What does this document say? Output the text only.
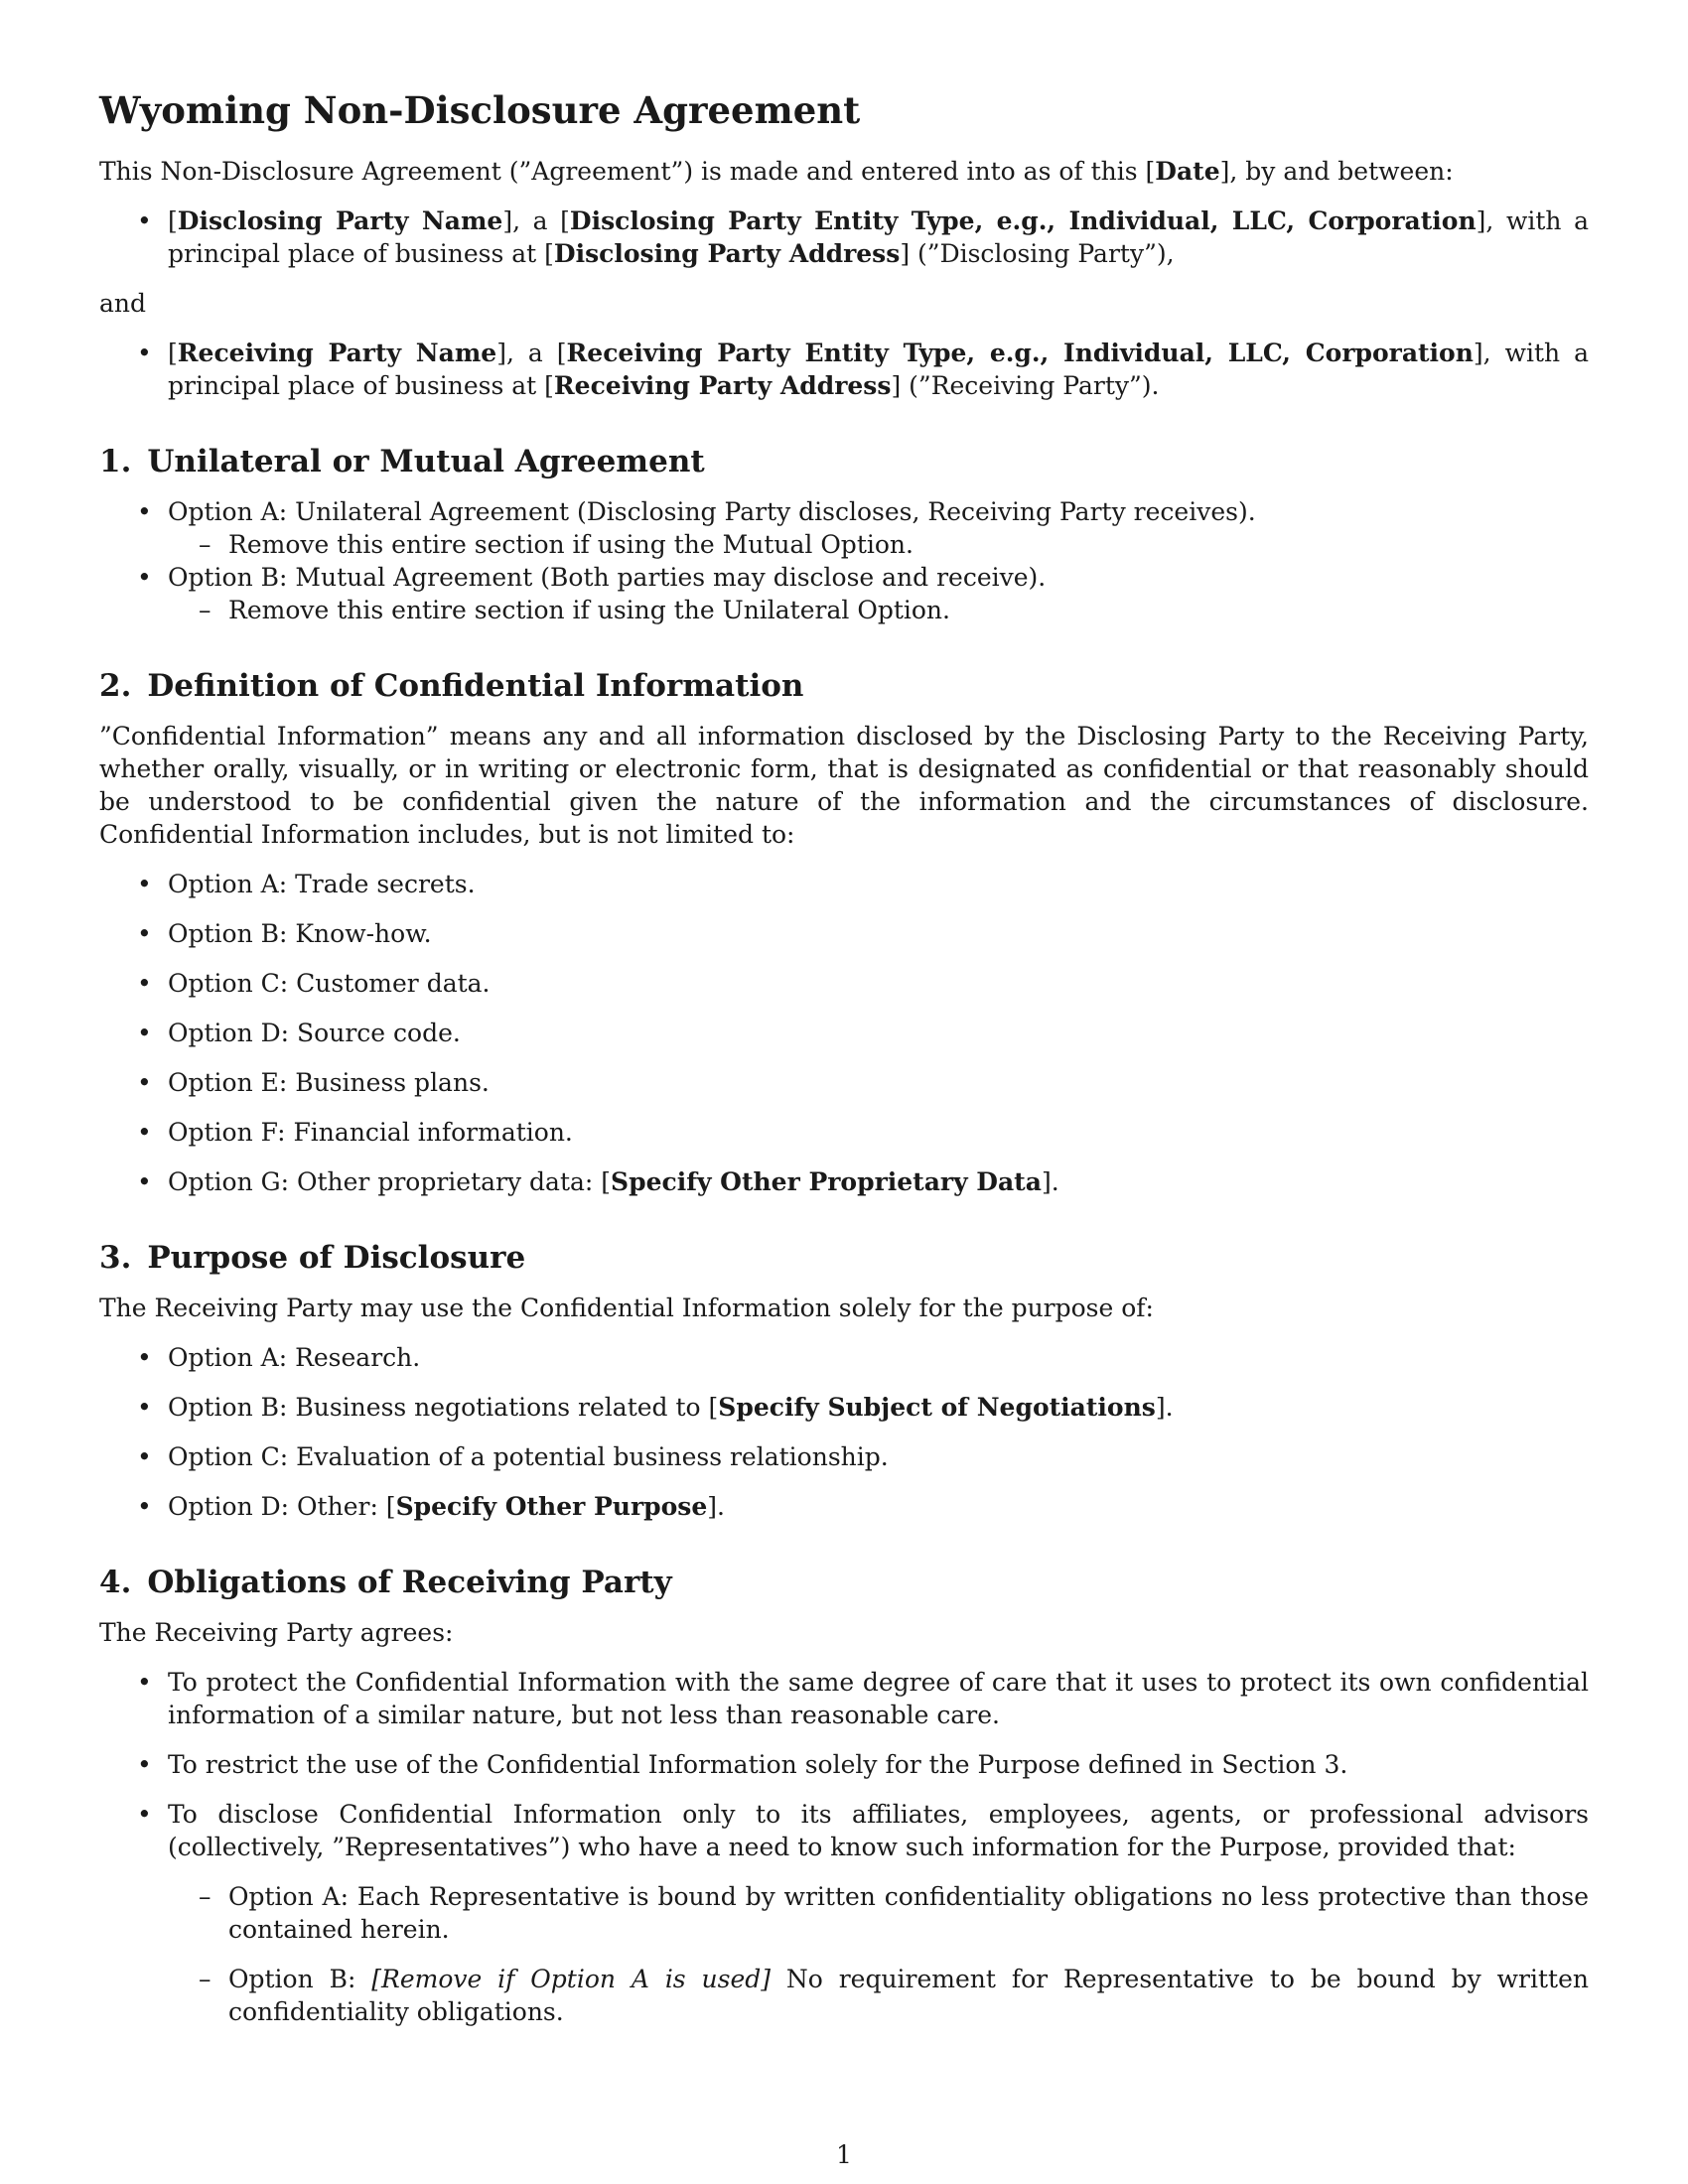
Wyoming Non-Disclosure Agreement

This Non-Disclosure Agreement (”Agreement”) is made and entered into as of this [Date], by and between:

• [Disclosing Party Name], a [Disclosing Party Entity Type, e.g., Individual, LLC, Corporation], with a principal place of business at [Disclosing Party Address] (”Disclosing Party”),

and

• [Receiving Party Name], a [Receiving Party Entity Type, e.g., Individual, LLC, Corporation], with a principal place of business at [Receiving Party Address] (”Receiving Party”).
1. Unilateral or Mutual Agreement
• Option A: Unilateral Agreement (Disclosing Party discloses, Receiving Party receives).
– Remove this entire section if using the Mutual Option.
• Option B: Mutual Agreement (Both parties may disclose and receive).
– Remove this entire section if using the Unilateral Option.
2. Definition of Confidential Information

”Confidential Information” means any and all information disclosed by the Disclosing Party to the Receiving Party, whether orally, visually, or in writing or electronic form, that is designated as confidential or that reasonably should be understood to be confidential given the nature of the information and the circumstances of disclosure. Confidential Information includes, but is not limited to:

• Option A: Trade secrets.
• Option B: Know-how.
• Option C: Customer data.
• Option D: Source code.
• Option E: Business plans.
• Option F: Financial information.
• Option G: Other proprietary data: [Specify Other Proprietary Data].
3. Purpose of Disclosure

The Receiving Party may use the Confidential Information solely for the purpose of:

• Option A: Research.
• Option B: Business negotiations related to [Specify Subject of Negotiations].
• Option C: Evaluation of a potential business relationship.
• Option D: Other: [Specify Other Purpose].
4. Obligations of Receiving Party

The Receiving Party agrees:

• To protect the Confidential Information with the same degree of care that it uses to protect its own confidential information of a similar nature, but not less than reasonable care.
• To restrict the use of the Confidential Information solely for the Purpose defined in Section 3.
• To disclose Confidential Information only to its affiliates, employees, agents, or professional advisors (collectively, ”Representatives”) who have a need to know such information for the Purpose, provided that:
– Option A: Each Representative is bound by written confidentiality obligations no less protective than those contained herein.
– Option B: [Remove if Option A is used] No requirement for Representative to be bound by written confidentiality obligations.
1
